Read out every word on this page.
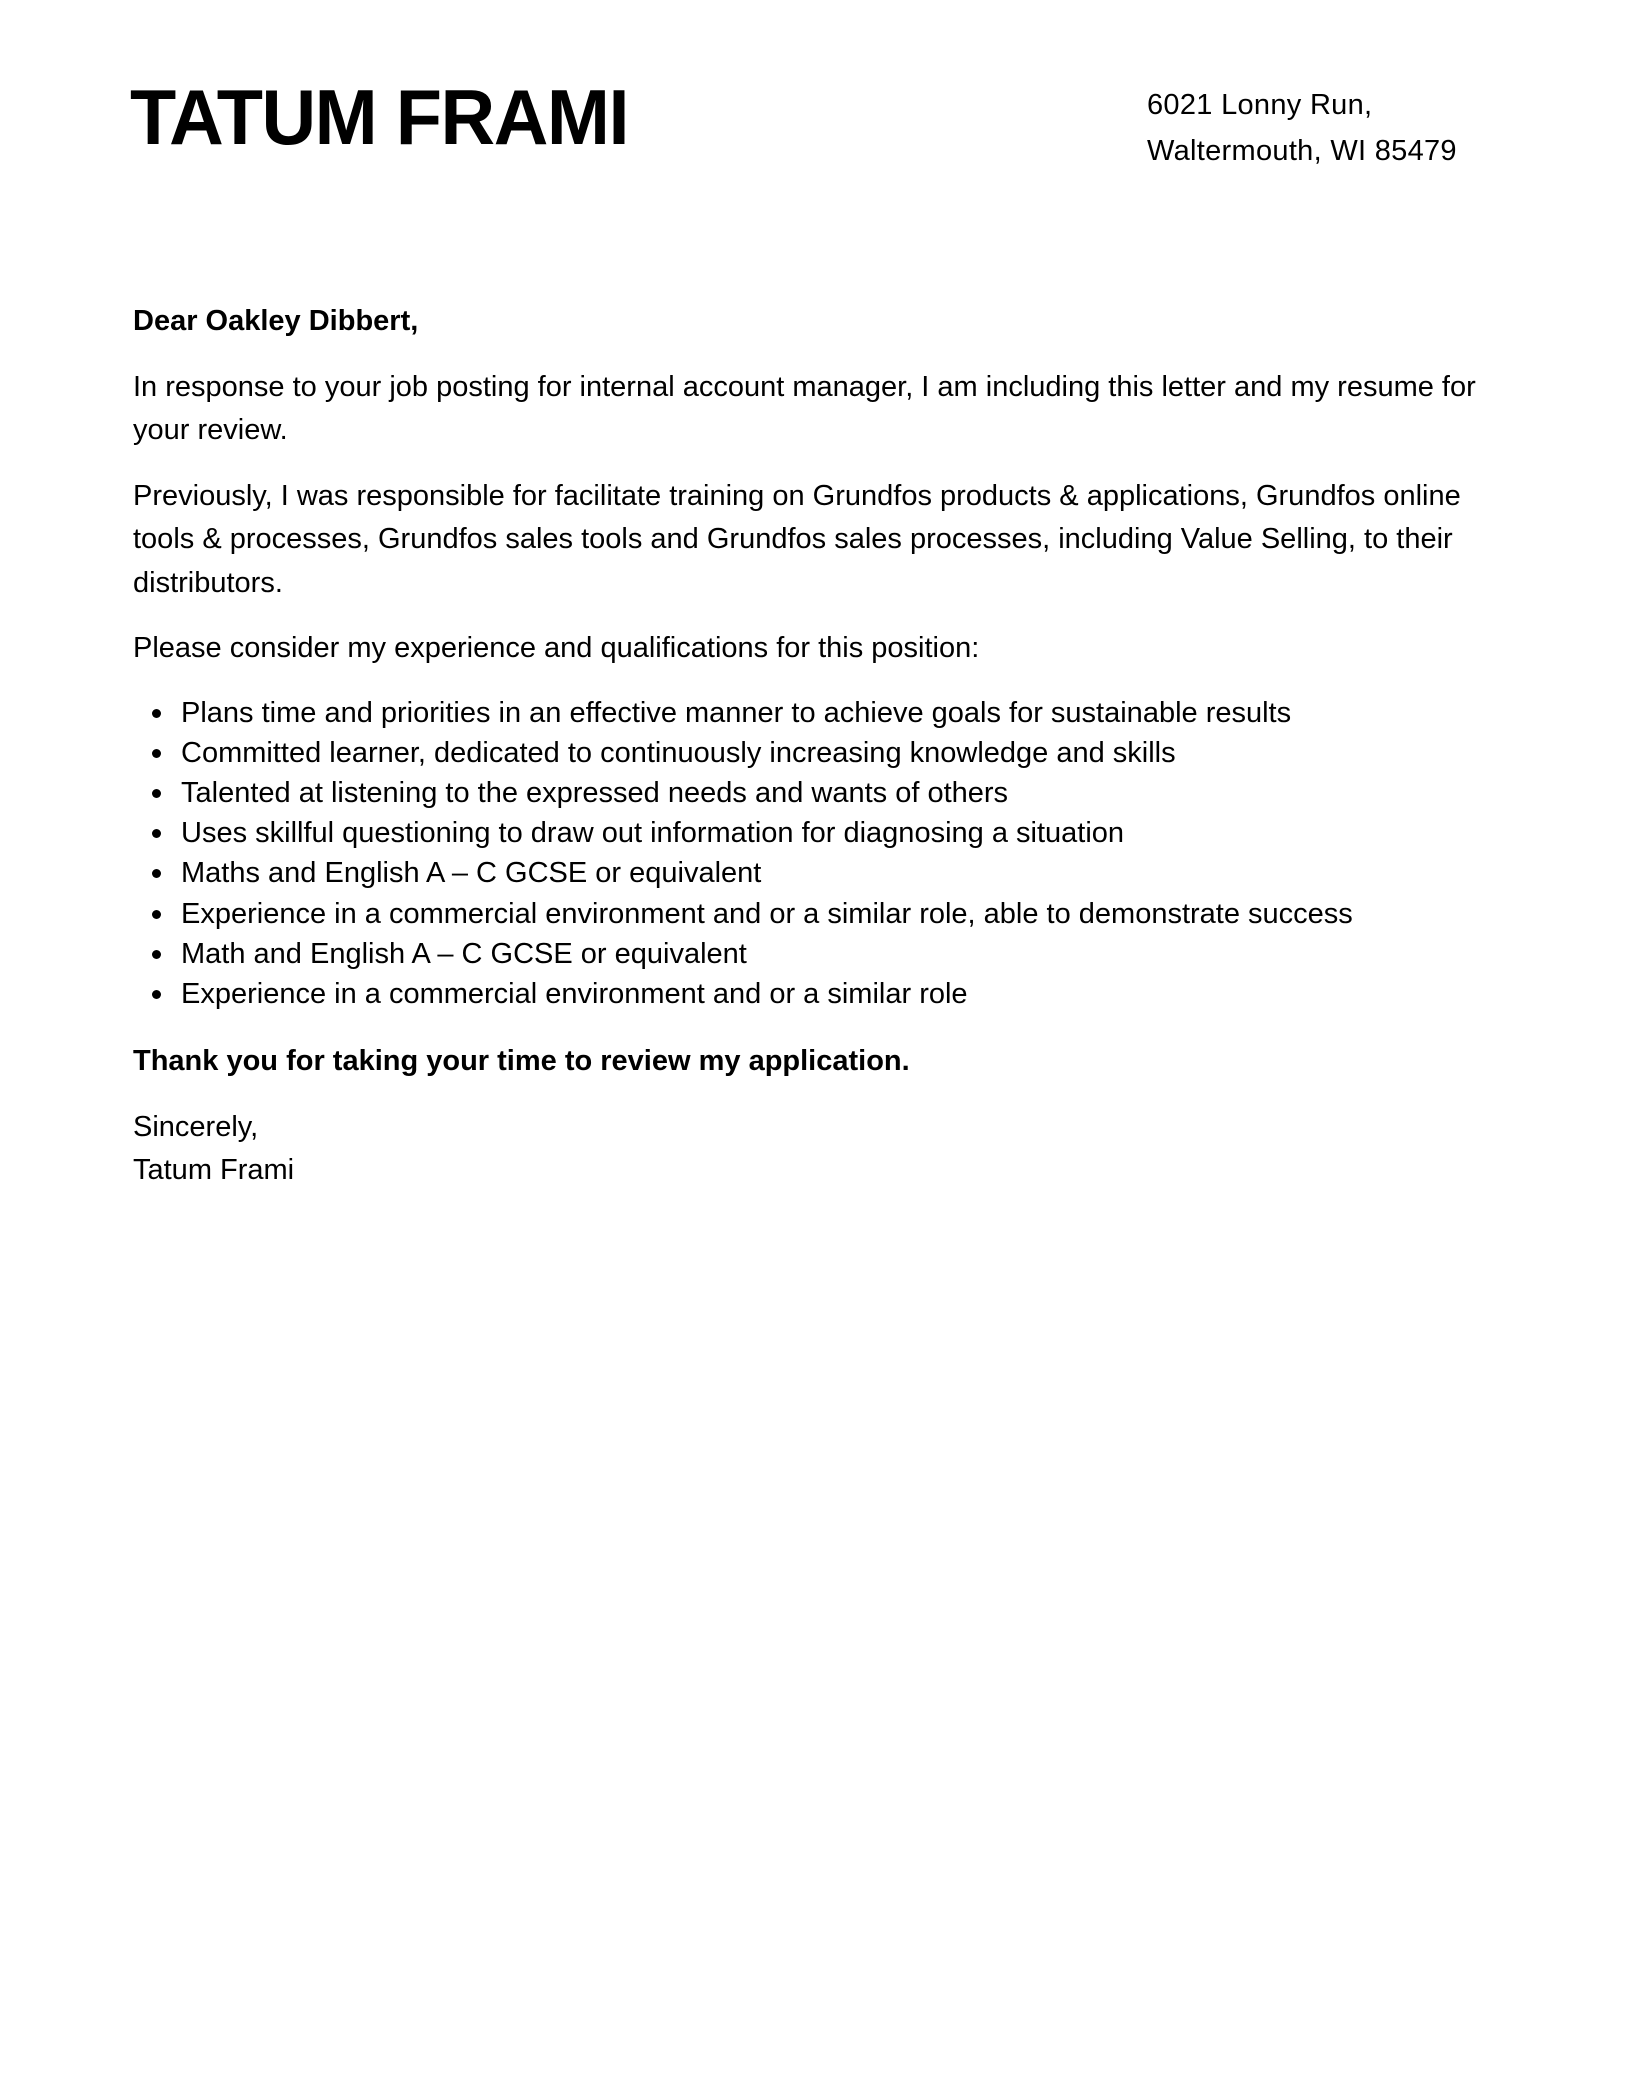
TATUM FRAMI	6021 Lonny Run,
Waltermouth, WI 85479

Dear Oakley Dibbert,

In response to your job posting for internal account manager, I am including this letter and my resume for your review.

Previously, I was responsible for facilitate training on Grundfos products & applications, Grundfos online tools & processes, Grundfos sales tools and Grundfos sales processes, including Value Selling, to their distributors.

Please consider my experience and qualifications for this position:

Plans time and priorities in an effective manner to achieve goals for sustainable results
Committed learner, dedicated to continuously increasing knowledge and skills
Talented at listening to the expressed needs and wants of others
Uses skillful questioning to draw out information for diagnosing a situation
Maths and English A – C GCSE or equivalent
Experience in a commercial environment and or a similar role, able to demonstrate success
Math and English A – C GCSE or equivalent
Experience in a commercial environment and or a similar role

Thank you for taking your time to review my application.

Sincerely,
Tatum Frami
